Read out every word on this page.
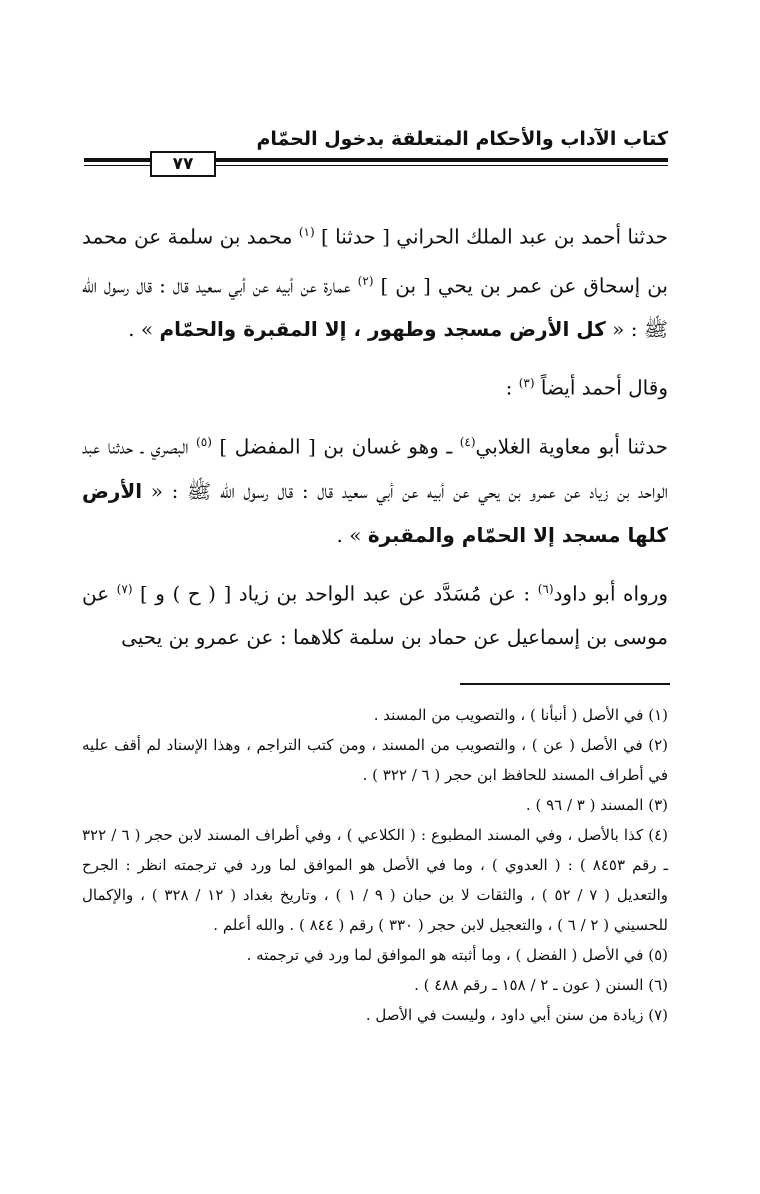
كتاب الآداب والأحكام المتعلقة بدخول الحمّام
٧٧

حدثنا أحمد بن عبد الملك الحراني [ حدثنا ] $^{(١)}$ محمد بن سلمة عن محمد بن إسحاق عن عمر بن يحي [ بن ] $^{(٢)}$ عمارة عن أبيه عن أبي سعيد قال : قال رسول الله ﷺ : « كل الأرض مسجد وطهور ، إلا المقبرة والحمّام » .

وقال أحمد أيضاً $^{(٣)}$ :

حدثنا أبو معاوية الغلابي$^{(٤)}$ ـ وهو غسان بن [ المفضل ] $^{(٥)}$ البصري ـ حدثنا عبد الواحد بن زياد عن عمرو بن يحي عن أبيه عن أبي سعيد قال : قال رسول الله ﷺ : « الأرض كلها مسجد إلا الحمّام والمقبرة » .

ورواه أبو داود$^{(٦)}$ : عن مُسَدَّد عن عبد الواحد بن زياد [ ( ح ) و ] $^{(٧)}$ عن موسى بن إسماعيل عن حماد بن سلمة كلاهما : عن عمرو بن يحيى

(١) في الأصل ( أنبأنا ) ، والتصويب من المسند .

(٢) في الأصل ( عن ) ، والتصويب من المسند ، ومن كتب التراجم ، وهذا الإسناد لم أقف عليه في أطراف المسند للحافظ ابن حجر ( ٦ / ٣٢٢ ) .

(٣) المسند ( ٣ / ٩٦ ) .

(٤) كذا بالأصل ، وفي المسند المطبوع : ( الكلاعي ) ، وفي أطراف المسند لابن حجر ( ٦ / ٣٢٢ ـ رقم ٨٤٥٣ ) : ( العدوي ) ، وما في الأصل هو الموافق لما ورد في ترجمته انظر : الجرح والتعديل ( ٧ / ٥٢ ) ، والثقات لا بن حبان ( ٩ / ١ ) ، وتاريخ بغداد ( ١٢ / ٣٢٨ ) ، والإكمال للحسيني ( ٢ / ٦ ) ، والتعجيل لابن حجر ( ٣٣٠ ) رقم ( ٨٤٤ ) . والله أعلم .

(٥) في الأصل ( الفضل ) ، وما أثبته هو الموافق لما ورد في ترجمته .

(٦) السنن ( عون ـ ٢ / ١٥٨ ـ رقم ٤٨٨ ) .

(٧) زيادة من سنن أبي داود ، وليست في الأصل .
